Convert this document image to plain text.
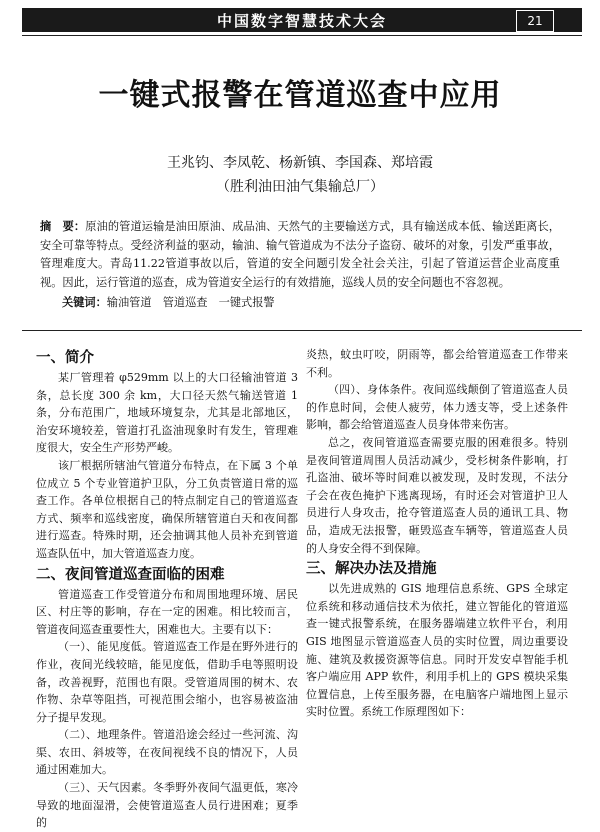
中国数字智慧技术大会	21
一键式报警在管道巡查中应用
王兆钧、李凤乾、杨新镇、李国森、郑培霞
（胜利油田油气集输总厂）
摘　要：原油的管道运输是油田原油、成品油、天然气的主要输送方式，具有输送成本低、输送距离长，安全可靠等特点。受经济利益的驱动，输油、输气管道成为不法分子盗窃、破坏的对象，引发严重事故，管理难度大。青岛11.22管道事故以后，管道的安全问题引发全社会关注，引起了管道运营企业高度重视。因此，运行管道的巡查，成为管道安全运行的有效措施，巡线人员的安全问题也不容忽视。
关键词：输油管道　管道巡查　一键式报警
一、简介

某厂管理着 φ529mm 以上的大口径输油管道 3 条，总长度 300 余 km，大口径天然气输送管道 1 条，分布范围广，地域环境复杂，尤其是北部地区，治安环境较差，管道打孔盗油现象时有发生，管理难度很大，安全生产形势严峻。

该厂根据所辖油气管道分布特点，在下属 3 个单位成立 5 个专业管道护卫队，分工负责管道日常的巡查工作。各单位根据自己的特点制定自己的管道巡查方式、频率和巡线密度，确保所辖管道白天和夜间都进行巡查。特殊时期，还会抽调其他人员补充到管道巡查队伍中，加大管道巡查力度。

二、夜间管道巡查面临的困难

管道巡查工作受管道分布和周围地理环境、居民区、村庄等的影响，存在一定的困难。相比较而言，管道夜间巡查重要性大，困难也大。主要有以下：

（一）、能见度低。管道巡查工作是在野外进行的作业，夜间光线较暗，能见度低，借助手电等照明设备，改善视野，范围也有限。受管道周围的树木、农作物、杂草等阻挡，可视范围会缩小，也容易被盗油分子提早发现。

（二）、地理条件。管道沿途会经过一些河流、沟渠、农田、斜坡等，在夜间视线不良的情况下，人员通过困难加大。

（三）、天气因素。冬季野外夜间气温更低，寒冷导致的地面湿滑，会使管道巡查人员行进困难；夏季的

炎热，蚊虫叮咬，阴雨等，都会给管道巡查工作带来不利。

（四）、身体条件。夜间巡线颠倒了管道巡查人员的作息时间，会使人疲劳，体力透支等，受上述条件影响，都会给管道巡查人员身体带来伤害。

总之，夜间管道巡查需要克服的困难很多。特别是夜间管道周围人员活动减少，受杉树条件影响，打孔盗油、破坏等时间难以被发现，及时发现，不法分子会在夜色掩护下逃离现场，有时还会对管道护卫人员进行人身攻击，抢夺管道巡查人员的通讯工具、物品，造成无法报警，砸毁巡查车辆等，管道巡查人员的人身安全得不到保障。

三、解决办法及措施

以先进成熟的 GIS 地理信息系统、GPS 全球定位系统和移动通信技术为依托，建立智能化的管道巡查一键式报警系统，在服务器端建立软件平台，利用 GIS 地图显示管道巡查人员的实时位置，周边重要设施、建筑及救援资源等信息。同时开发安卓智能手机客户端应用 APP 软件，利用手机上的 GPS 模块采集位置信息，上传至服务器，在电脑客户端地图上显示实时位置。系统工作原理图如下：
